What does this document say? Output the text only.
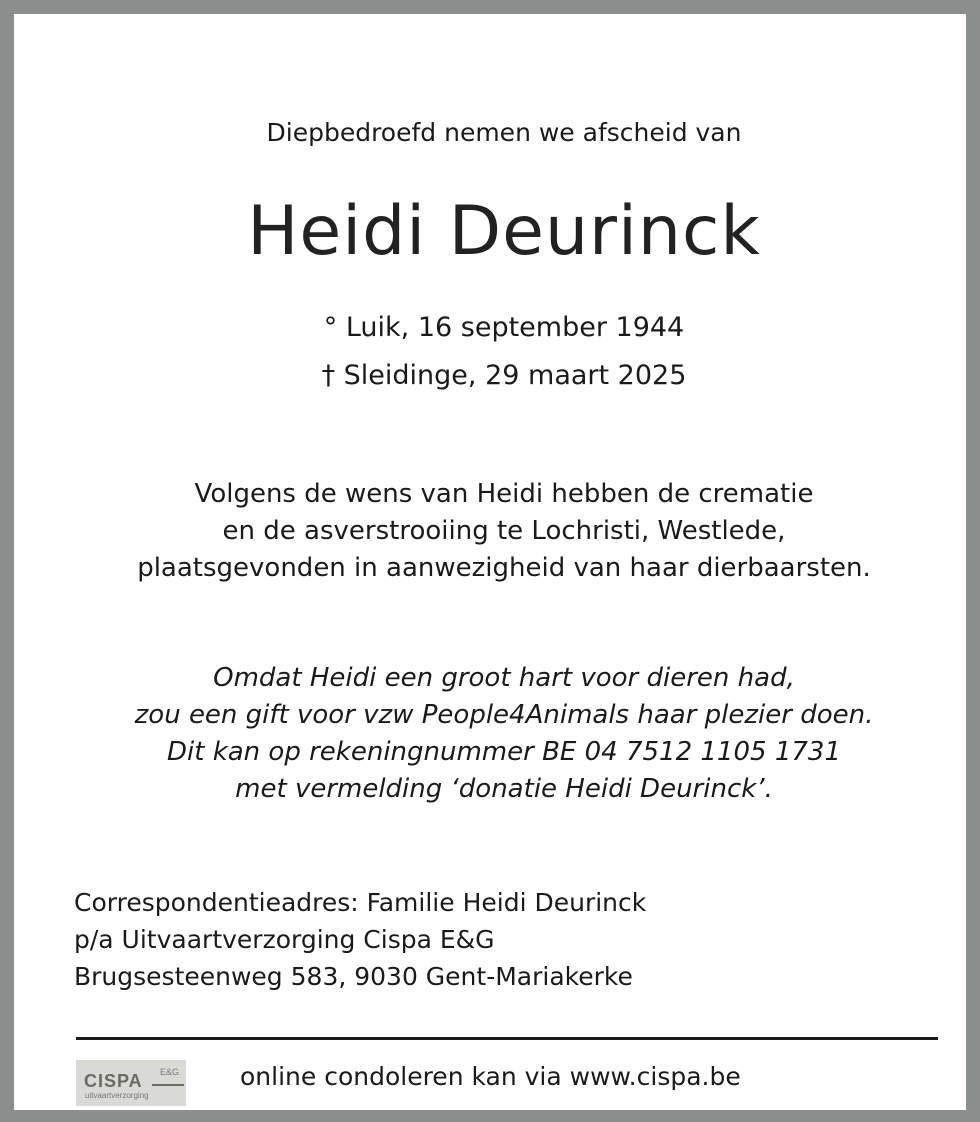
Diepbedroefd nemen we afscheid van
Heidi Deurinck
° Luik, 16 september 1944
† Sleidinge, 29 maart 2025
Volgens de wens van Heidi hebben de crematie
en de asverstrooiing te Lochristi, Westlede,
plaatsgevonden in aanwezigheid van haar dierbaarsten.
Omdat Heidi een groot hart voor dieren had,
zou een gift voor vzw People4Animals haar plezier doen.
Dit kan op rekeningnummer BE 04 7512 1105 1731
met vermelding ‘donatie Heidi Deurinck’.
Correspondentieadres: Familie Heidi Deurinck
p/a Uitvaartverzorging Cispa E&G
Brugsesteenweg 583, 9030 Gent-Mariakerke
CISPA E&G
uitvaartverzorging
online condoleren kan via www.cispa.be
